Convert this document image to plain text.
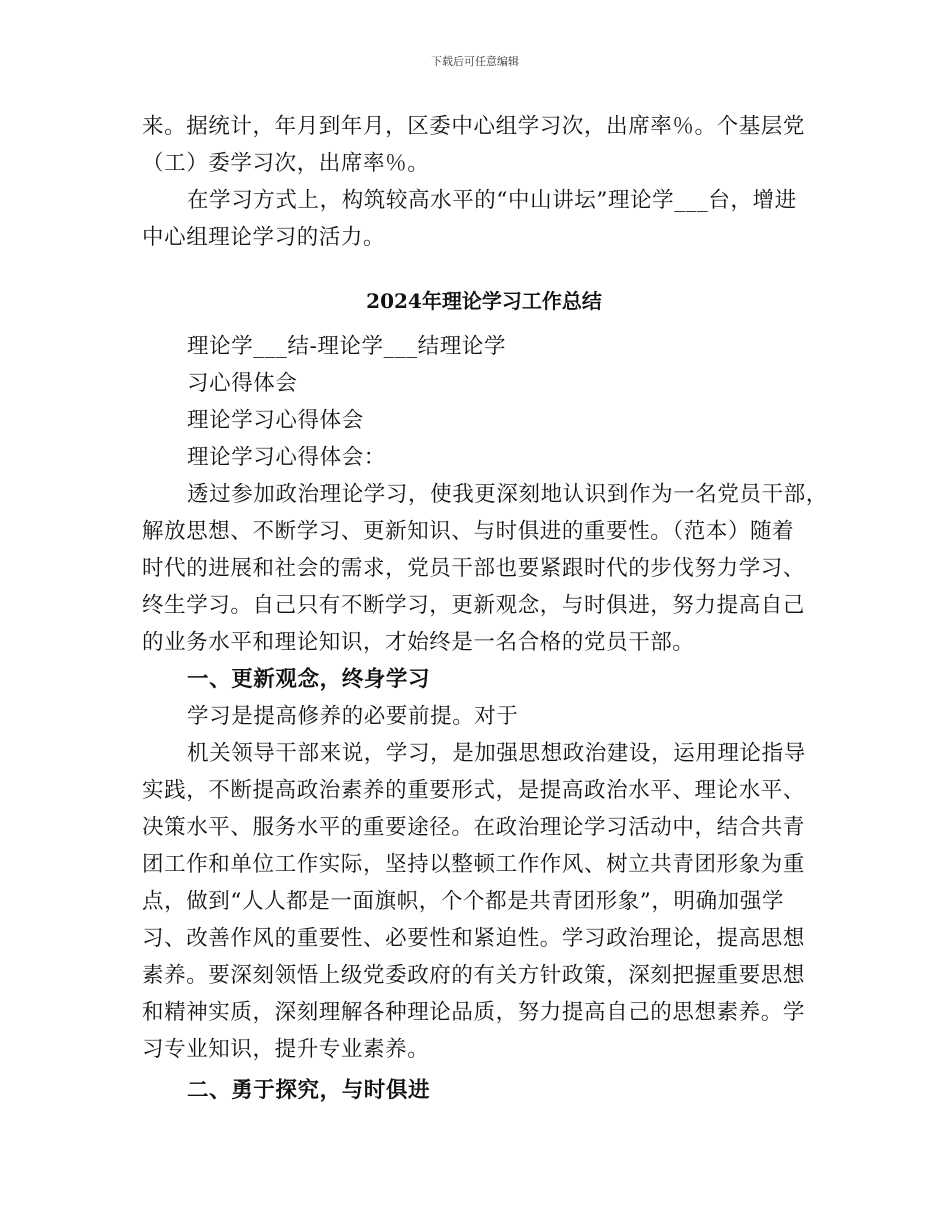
下载后可任意编辑
来。据统计，年月到年月，区委中心组学习次，出席率％。个基层党
（工）委学习次，出席率％。
在学习方式上，构筑较高水平的“中山讲坛”理论学___台，增进
中心组理论学习的活力。
2024年理论学习工作总结
理论学___结-理论学___结理论学
习心得体会
理论学习心得体会
理论学习心得体会：
透过参加政治理论学习，使我更深刻地认识到作为一名党员干部，
解放思想、不断学习、更新知识、与时俱进的重要性。（范本）随着
时代的进展和社会的需求，党员干部也要紧跟时代的步伐努力学习、
终生学习。自己只有不断学习，更新观念，与时俱进，努力提高自己
的业务水平和理论知识，才始终是一名合格的党员干部。
一、更新观念，终身学习
学习是提高修养的必要前提。对于
机关领导干部来说，学习，是加强思想政治建设，运用理论指导
实践，不断提高政治素养的重要形式，是提高政治水平、理论水平、
决策水平、服务水平的重要途径。在政治理论学习活动中，结合共青
团工作和单位工作实际，坚持以整顿工作作风、树立共青团形象为重
点，做到“人人都是一面旗帜，个个都是共青团形象”，明确加强学
习、改善作风的重要性、必要性和紧迫性。学习政治理论，提高思想
素养。要深刻领悟上级党委政府的有关方针政策，深刻把握重要思想
和精神实质，深刻理解各种理论品质，努力提高自己的思想素养。学
习专业知识，提升专业素养。
二、勇于探究，与时俱进
